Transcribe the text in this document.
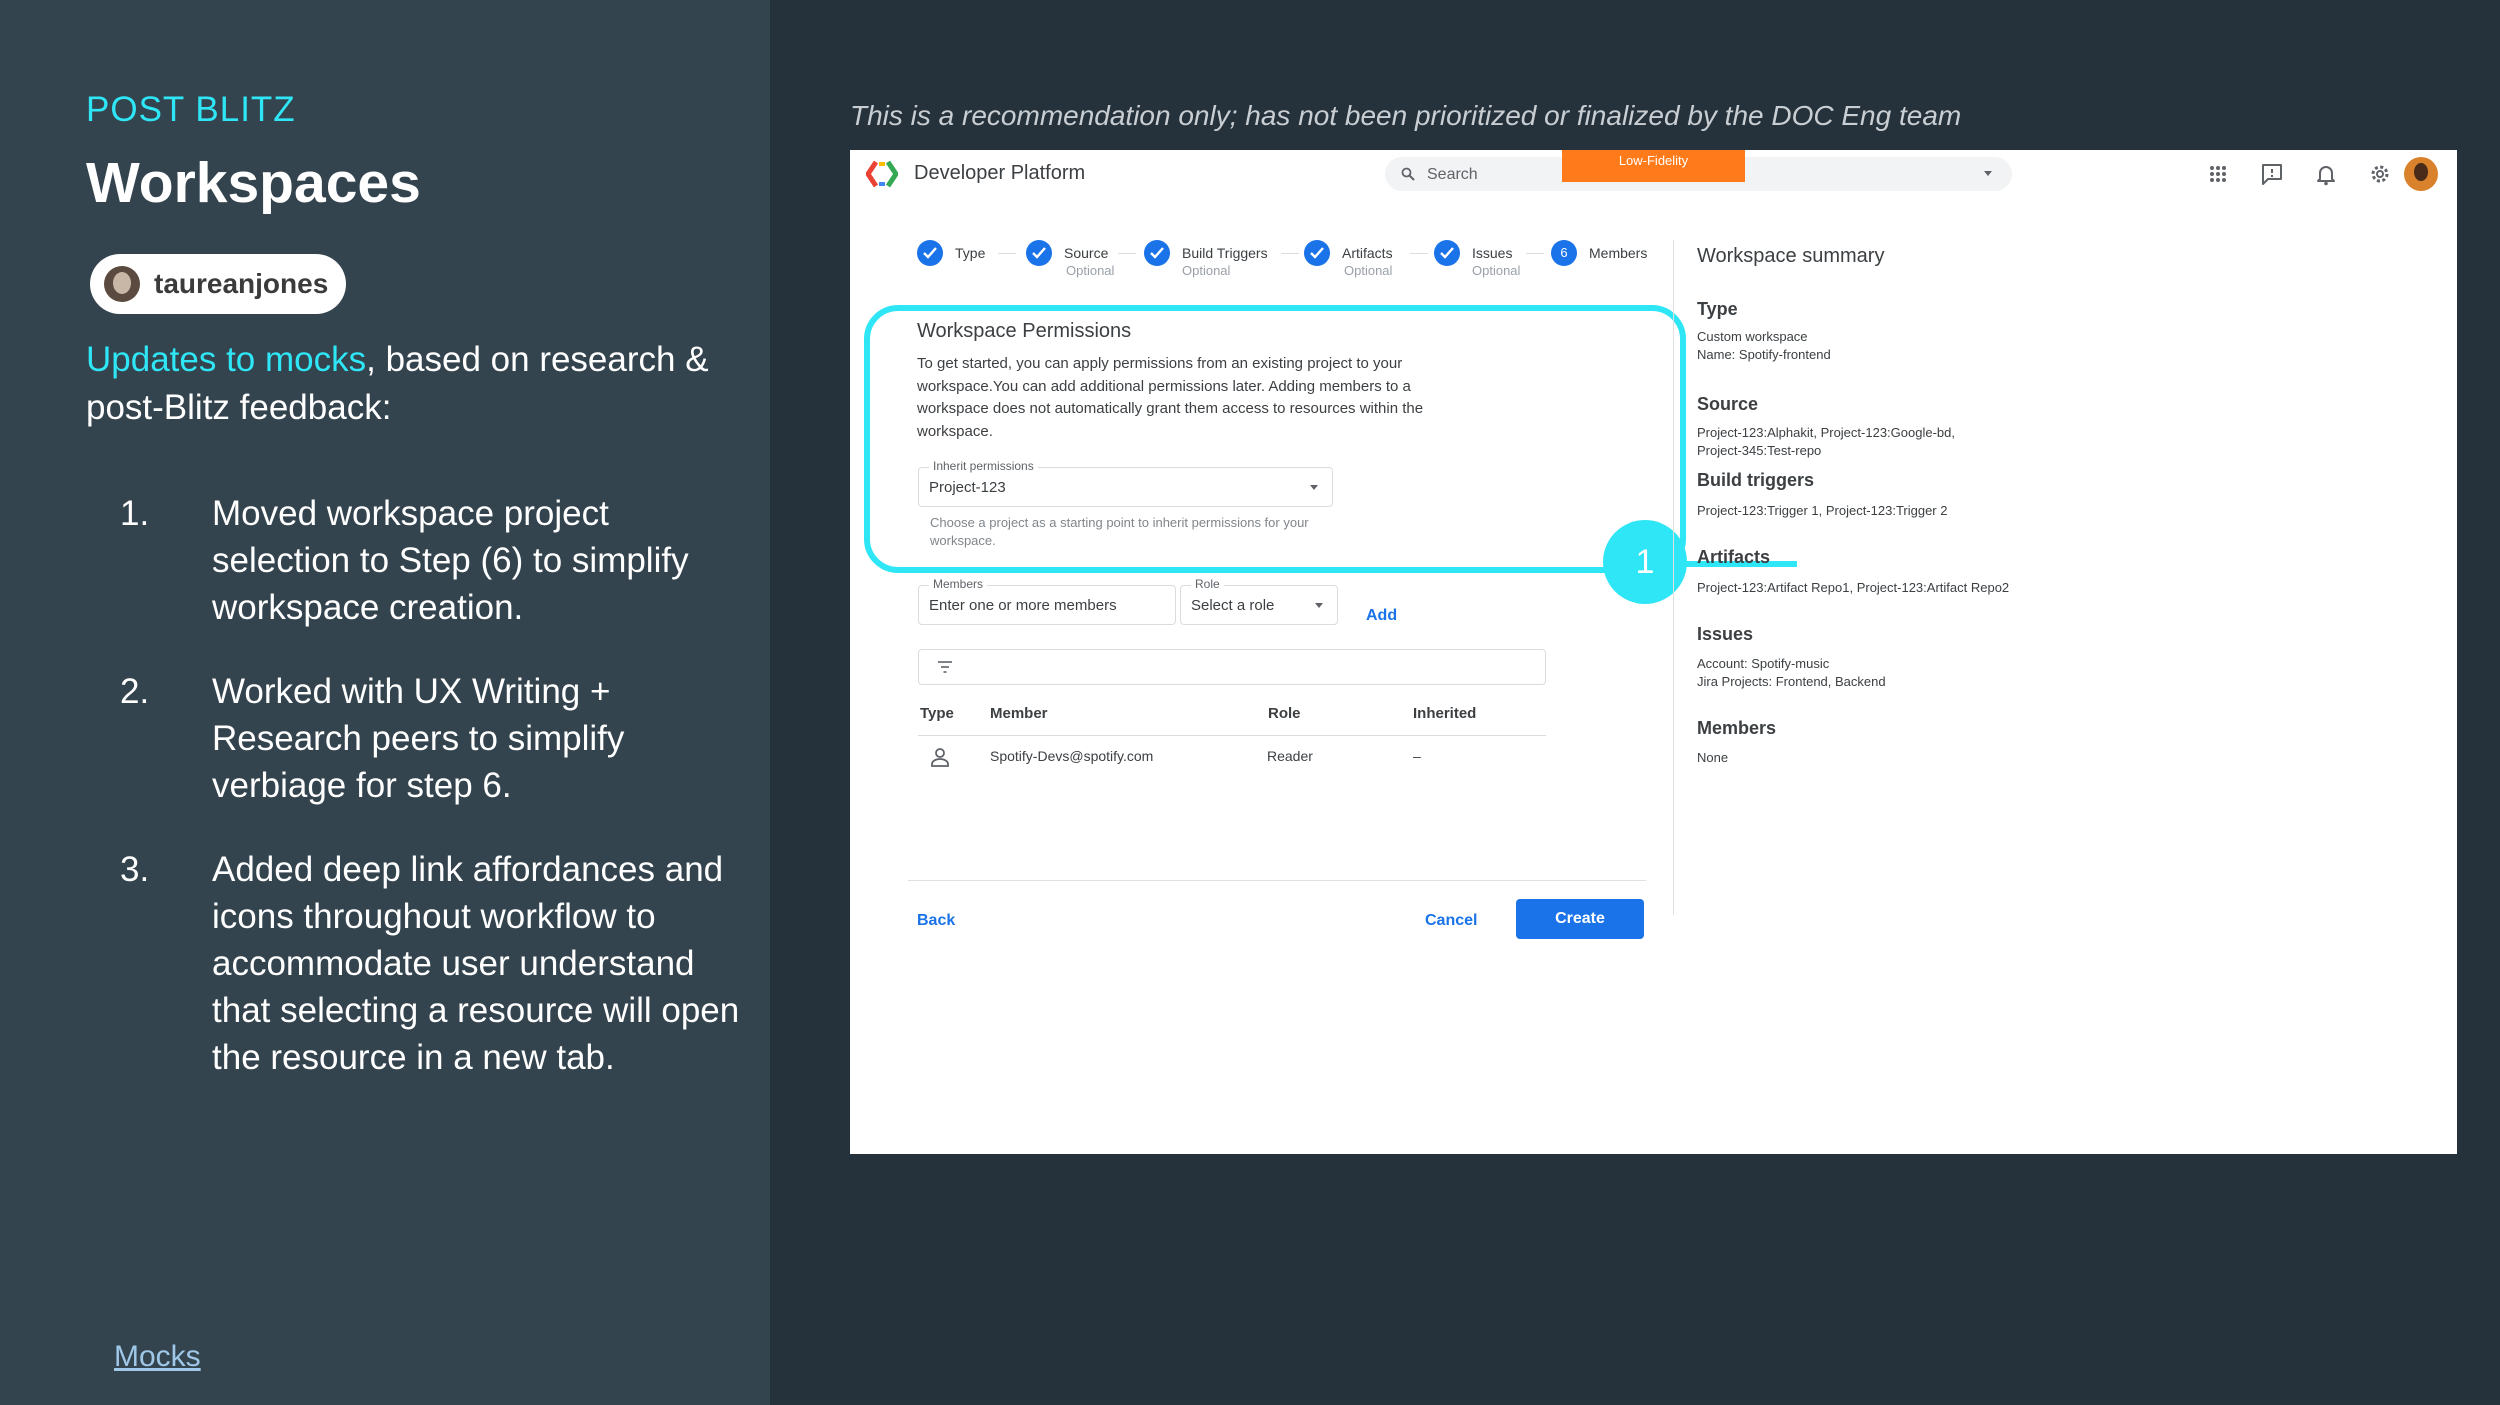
POST BLITZ
Workspaces
taureanjones
Updates to mocks, based on research & post-Blitz feedback:
1.	Moved workspace project selection to Step (6) to simplify workspace creation.
2.	Worked with UX Writing + Research peers to simplify verbiage for step 6.
3.	Added deep link affordances and icons throughout workflow to accommodate user understand that selecting a resource will open the resource in a new tab.
Mocks
This is a recommendation only; has not been prioritized or finalized by the DOC Eng team
Developer Platform	Search
Low-Fidelity
Type	Source
Optional
Build Triggers
Optional
Artifacts
Optional
Issues
Optional
6	Members
Workspace Permissions
To get started, you can apply permissions from an existing project to your workspace.You can add additional permissions later. Adding members to a workspace does not automatically grant them access to resources within the workspace.
Inherit permissions
Project-123
Choose a project as a starting point to inherit permissions for your workspace.
1
Members
Enter one or more members
Role
Select a role
Add
Type Member	Role	Inherited
Spotify-Devs@spotify.com	Reader	–
Back	Cancel	Create
Workspace summary
Type
Custom workspace
Name: Spotify-frontend
Source
Project-123:Alphakit, Project-123:Google-bd,
Project-345:Test-repo
Build triggers
Project-123:Trigger 1, Project-123:Trigger 2
Artifacts
Project-123:Artifact Repo1, Project-123:Artifact Repo2
Issues
Account: Spotify-music
Jira Projects: Frontend, Backend
Members
None
